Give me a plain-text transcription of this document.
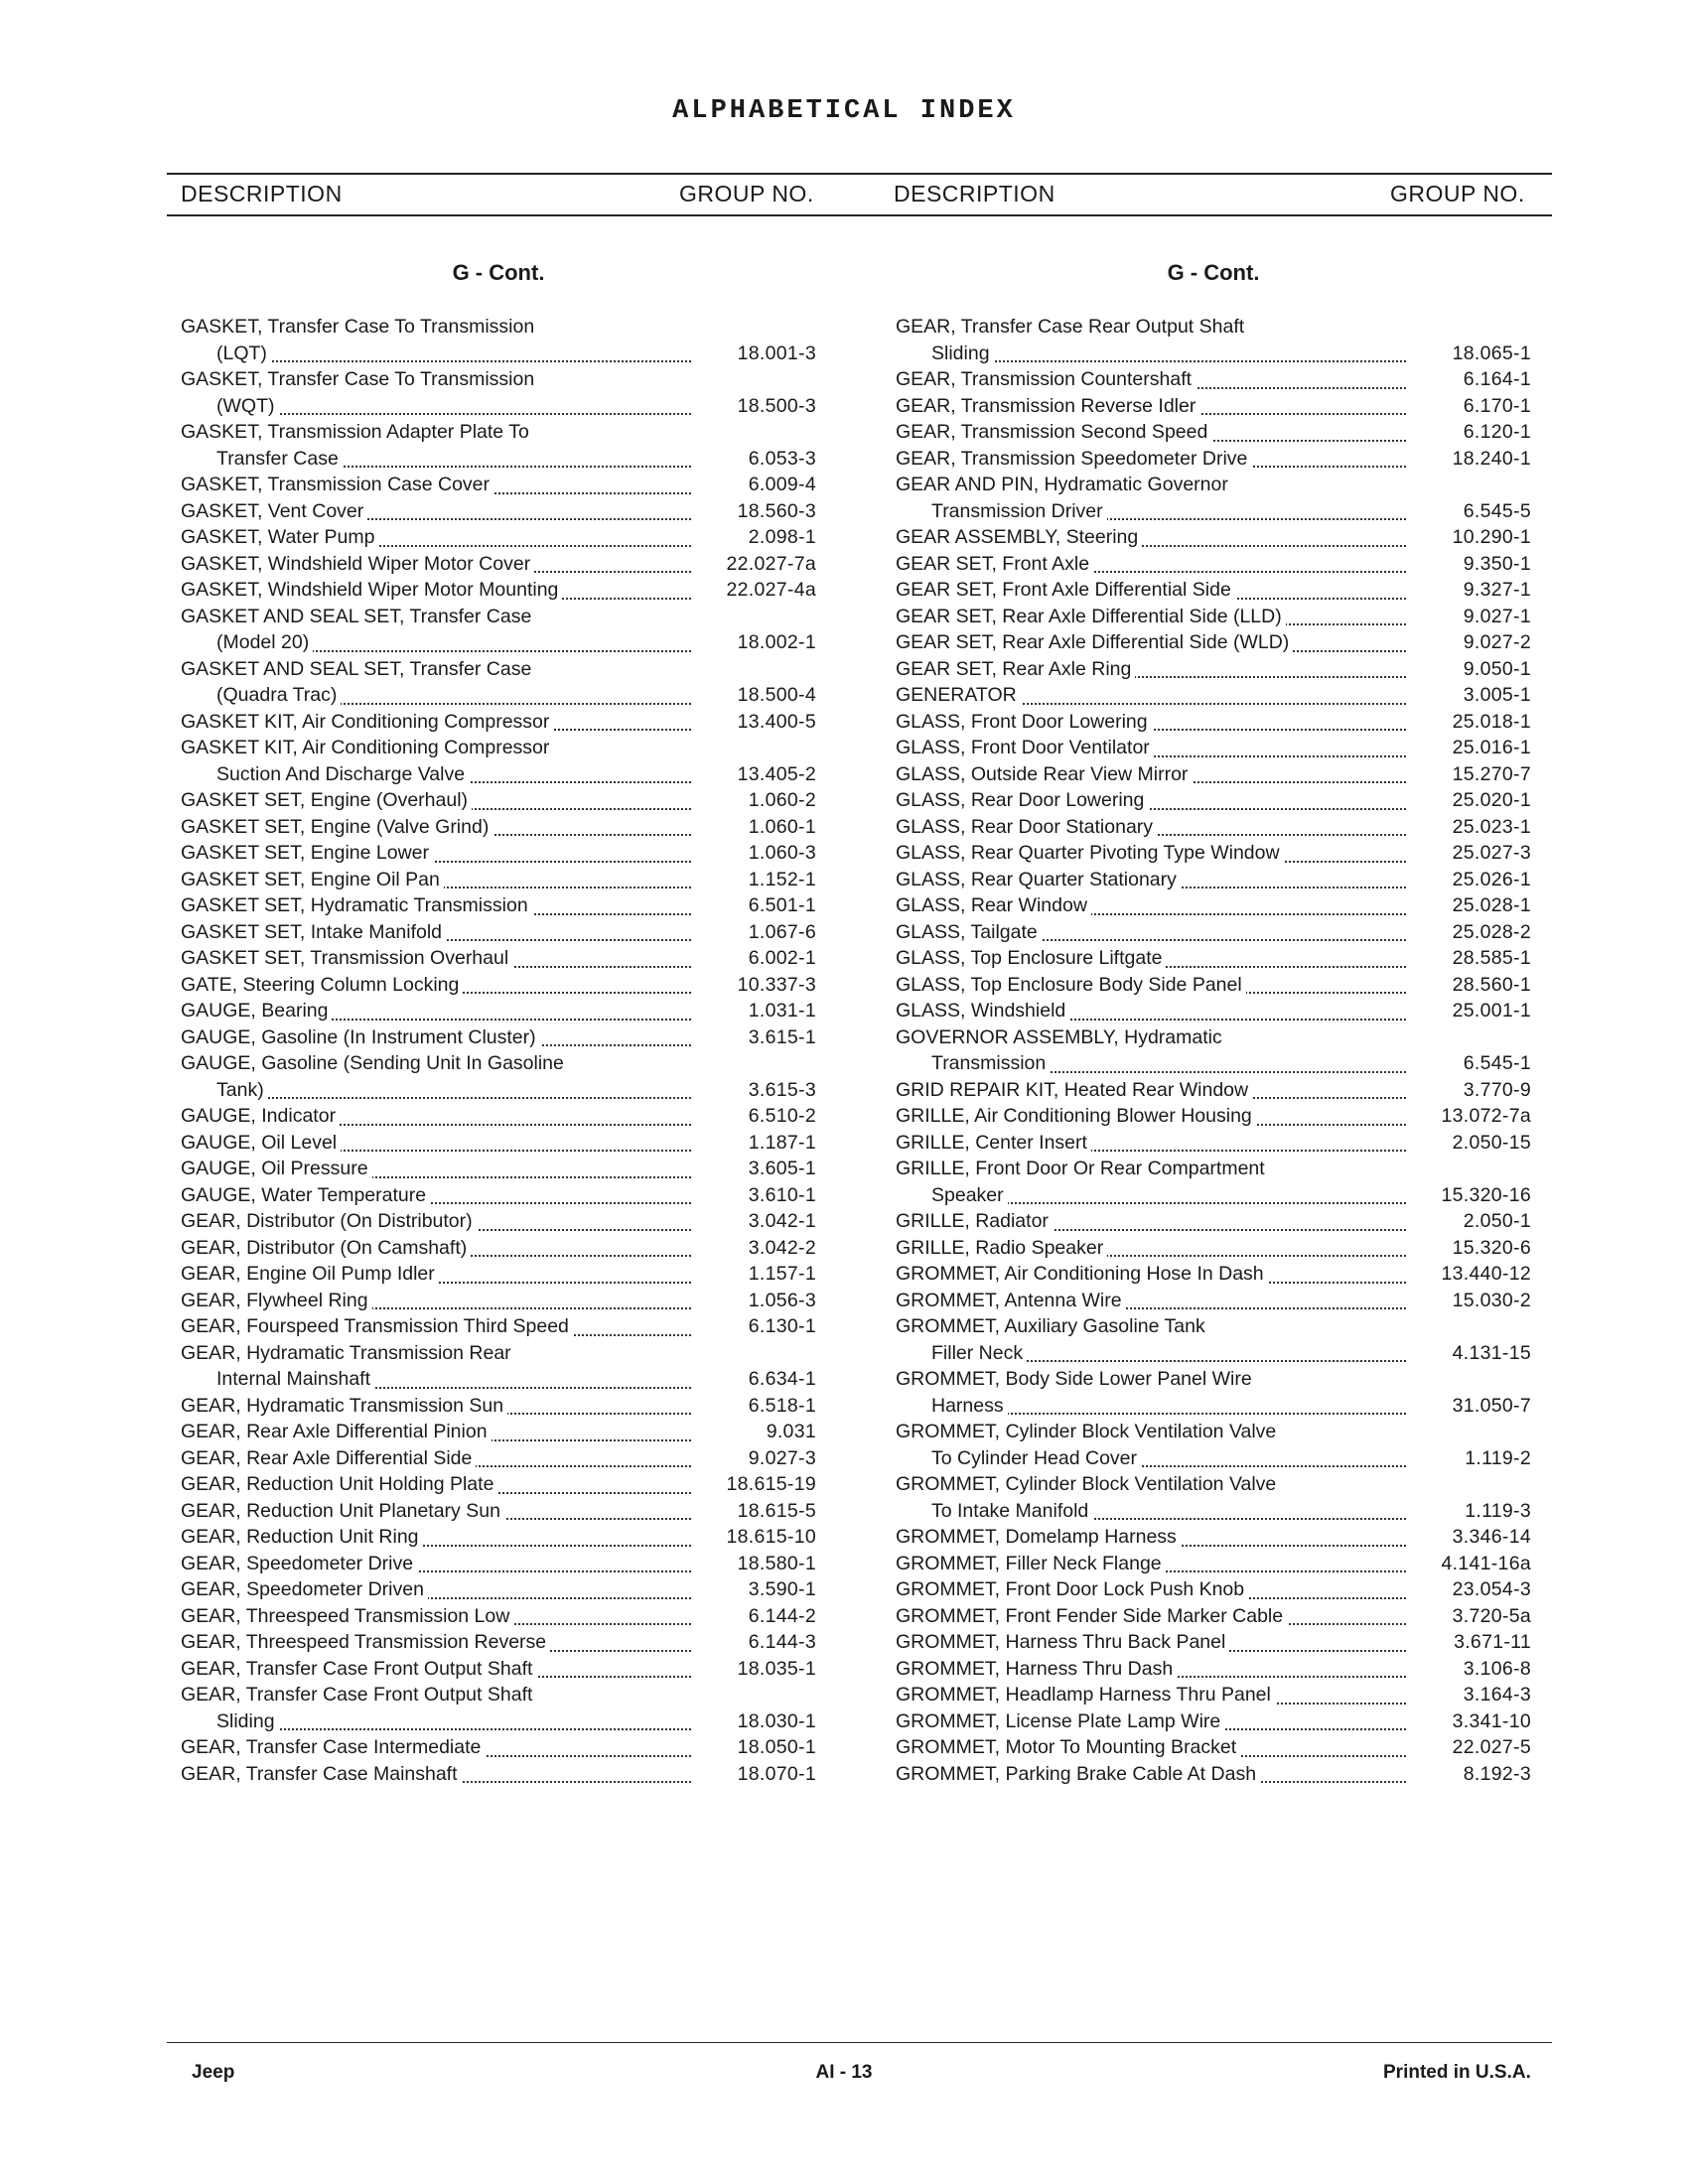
ALPHABETICAL INDEX
DESCRIPTION	GROUP NO.	DESCRIPTION	GROUP NO.
G - Cont.
GASKET, Transfer Case To Transmission
(LQT)	18.001-3
GASKET, Transfer Case To Transmission
(WQT)	18.500-3
GASKET, Transmission Adapter Plate To
Transfer Case	6.053-3
GASKET, Transmission Case Cover	6.009-4
GASKET, Vent Cover	18.560-3
GASKET, Water Pump	2.098-1
GASKET, Windshield Wiper Motor Cover	22.027-7a
GASKET, Windshield Wiper Motor Mounting	22.027-4a
GASKET AND SEAL SET, Transfer Case
(Model 20)	18.002-1
GASKET AND SEAL SET, Transfer Case
(Quadra Trac)	18.500-4
GASKET KIT, Air Conditioning Compressor	13.400-5
GASKET KIT, Air Conditioning Compressor
Suction And Discharge Valve	13.405-2
GASKET SET, Engine (Overhaul)	1.060-2
GASKET SET, Engine (Valve Grind)	1.060-1
GASKET SET, Engine Lower	1.060-3
GASKET SET, Engine Oil Pan	1.152-1
GASKET SET, Hydramatic Transmission	6.501-1
GASKET SET, Intake Manifold	1.067-6
GASKET SET, Transmission Overhaul	6.002-1
GATE, Steering Column Locking	10.337-3
GAUGE, Bearing	1.031-1
GAUGE, Gasoline (In Instrument Cluster)	3.615-1
GAUGE, Gasoline (Sending Unit In Gasoline
Tank)	3.615-3
GAUGE, Indicator	6.510-2
GAUGE, Oil Level	1.187-1
GAUGE, Oil Pressure	3.605-1
GAUGE, Water Temperature	3.610-1
GEAR, Distributor (On Distributor)	3.042-1
GEAR, Distributor (On Camshaft)	3.042-2
GEAR, Engine Oil Pump Idler	1.157-1
GEAR, Flywheel Ring	1.056-3
GEAR, Fourspeed Transmission Third Speed	6.130-1
GEAR, Hydramatic Transmission Rear
Internal Mainshaft	6.634-1
GEAR, Hydramatic Transmission Sun	6.518-1
GEAR, Rear Axle Differential Pinion	9.031
GEAR, Rear Axle Differential Side	9.027-3
GEAR, Reduction Unit Holding Plate	18.615-19
GEAR, Reduction Unit Planetary Sun	18.615-5
GEAR, Reduction Unit Ring	18.615-10
GEAR, Speedometer Drive	18.580-1
GEAR, Speedometer Driven	3.590-1
GEAR, Threespeed Transmission Low	6.144-2
GEAR, Threespeed Transmission Reverse	6.144-3
GEAR, Transfer Case Front Output Shaft	18.035-1
GEAR, Transfer Case Front Output Shaft
Sliding	18.030-1
GEAR, Transfer Case Intermediate	18.050-1
GEAR, Transfer Case Mainshaft	18.070-1
G - Cont.
GEAR, Transfer Case Rear Output Shaft
Sliding	18.065-1
GEAR, Transmission Countershaft	6.164-1
GEAR, Transmission Reverse Idler	6.170-1
GEAR, Transmission Second Speed	6.120-1
GEAR, Transmission Speedometer Drive	18.240-1
GEAR AND PIN, Hydramatic Governor
Transmission Driver	6.545-5
GEAR ASSEMBLY, Steering	10.290-1
GEAR SET, Front Axle	9.350-1
GEAR SET, Front Axle Differential Side	9.327-1
GEAR SET, Rear Axle Differential Side (LLD)	9.027-1
GEAR SET, Rear Axle Differential Side (WLD)	9.027-2
GEAR SET, Rear Axle Ring	9.050-1
GENERATOR	3.005-1
GLASS, Front Door Lowering	25.018-1
GLASS, Front Door Ventilator	25.016-1
GLASS, Outside Rear View Mirror	15.270-7
GLASS, Rear Door Lowering	25.020-1
GLASS, Rear Door Stationary	25.023-1
GLASS, Rear Quarter Pivoting Type Window	25.027-3
GLASS, Rear Quarter Stationary	25.026-1
GLASS, Rear Window	25.028-1
GLASS, Tailgate	25.028-2
GLASS, Top Enclosure Liftgate	28.585-1
GLASS, Top Enclosure Body Side Panel	28.560-1
GLASS, Windshield	25.001-1
GOVERNOR ASSEMBLY, Hydramatic
Transmission	6.545-1
GRID REPAIR KIT, Heated Rear Window	3.770-9
GRILLE, Air Conditioning Blower Housing	13.072-7a
GRILLE, Center Insert	2.050-15
GRILLE, Front Door Or Rear Compartment
Speaker	15.320-16
GRILLE, Radiator	2.050-1
GRILLE, Radio Speaker	15.320-6
GROMMET, Air Conditioning Hose In Dash	13.440-12
GROMMET, Antenna Wire	15.030-2
GROMMET, Auxiliary Gasoline Tank
Filler Neck	4.131-15
GROMMET, Body Side Lower Panel Wire
Harness	31.050-7
GROMMET, Cylinder Block Ventilation Valve
To Cylinder Head Cover	1.119-2
GROMMET, Cylinder Block Ventilation Valve
To Intake Manifold	1.119-3
GROMMET, Domelamp Harness	3.346-14
GROMMET, Filler Neck Flange	4.141-16a
GROMMET, Front Door Lock Push Knob	23.054-3
GROMMET, Front Fender Side Marker Cable	3.720-5a
GROMMET, Harness Thru Back Panel	3.671-11
GROMMET, Harness Thru Dash	3.106-8
GROMMET, Headlamp Harness Thru Panel	3.164-3
GROMMET, License Plate Lamp Wire	3.341-10
GROMMET, Motor To Mounting Bracket	22.027-5
GROMMET, Parking Brake Cable At Dash	8.192-3
Jeep	AI - 13	Printed in U.S.A.
